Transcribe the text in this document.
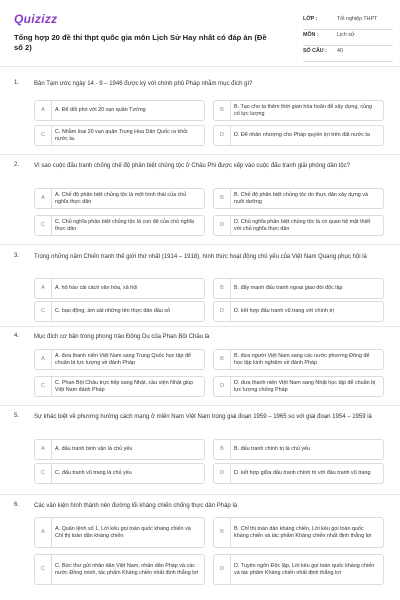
Quizizz
Tổng hợp 20 đề thi thpt quốc gia môn Lịch Sử Hay nhất có đáp án (Đề số 2)
LỚP :	Tốt nghiệp THPT
MÔN :	Lịch sử
SỐ CÂU : 40
1. Bản Tạm ước ngày 14 - 9 – 1946 được ký với chính phủ Pháp nhằm mục đích gì?
A	A. Để đối phó với 20 vạn quân Tưởng	B
B. Tạo cho ta thêm thời gian hòa hoãn để xây dựng, củng cố lực lượng
C
C. Nhằm loại 20 vạn quân Trung Hoa Dân Quốc ra khỏi nước ta.
D	D. Để nhân nhượng cho Pháp quyền lợi trên đất nước ta
2. Vì sao cuộc đấu tranh chống chế độ phân biệt chủng tộc ở Châu Phi được xếp vào cuộc đấu tranh giải phóng dân tộc?
A
A. Chế độ phân biệt chủng tộc là một hình thái của chủ nghĩa thực dân
B
B. Chế độ phân biệt chủng tộc do thực dân xây dựng và nuôi dưỡng
C
C. Chủ nghĩa phân biệt chủng tộc là con đẻ của chủ nghĩa thực dân
D
D. Chủ nghĩa phân biệt chủng tộc là có quan hệ mật thiết với chủ nghĩa thực dân
3. Trong những năm Chiến tranh thế giới thứ nhất (1914 – 1918), hình thức hoạt động chủ yếu của Việt Nam Quang phục hội là
A	A. hô hào cải cách văn hóa, xã hội	B	B. đẩy mạnh đấu tranh ngoại giao đòi độc lập
C	C. bạo động, ám sát những tên thực dân đầu sỏ	D	D. kết hợp đấu tranh vũ trang với chính trị
4. Mục đích cơ bản trong phong trào Đông Du của Phan Bội Châu là
A
A. đưa thanh niên Việt Nam sang Trung Quốc học tập để chuẩn bị lực lượng về đánh Pháp
B
B. đưa người Việt Nam sang các nước phương Đông để học tập kinh nghiệm về đánh Pháp
C
C. Phan Bội Châu trực tiếp sang Nhật, cầu viện Nhật giúp Việt Nam đánh Pháp
D
D. đưa thanh niên Việt Nam sang Nhật học tập để chuẩn bị lực lượng chống Pháp
5. Sự khác biệt về phương hướng cách mạng ở miền Nam Việt Nam trong giai đoạn 1959 – 1965 so với giai đoạn 1954 – 1959 là
A	A. đấu tranh binh vận là chủ yếu	B	B. đấu tranh chính trị là chủ yếu
C	C. đấu tranh vũ trang là chủ yếu	D	D. kết hợp giữa đấu tranh chính trị với đấu tranh vũ trang
6. Các văn kiện hình thành nên đường lối kháng chiến chống thực dân Pháp là
A
A. Quân lệnh số 1, Lời kêu gọi toàn quốc kháng chiến và Chỉ thị toàn dân kháng chiến
B
B. Chỉ thị toàn dân kháng chiến, Lời kêu gọi toàn quốc kháng chiến và tác phẩm Kháng chiến nhất định thắng lợi
C
C. Bức thư gửi nhân dân Việt Nam, nhân dân Pháp và các nước Đồng minh, tác phẩm Kháng chiến nhất định thắng lợi
D
D. Tuyên ngôn Độc lập, Lời kêu gọi toàn quốc kháng chiến và tác phẩm Kháng chiến nhất định thắng lợi
